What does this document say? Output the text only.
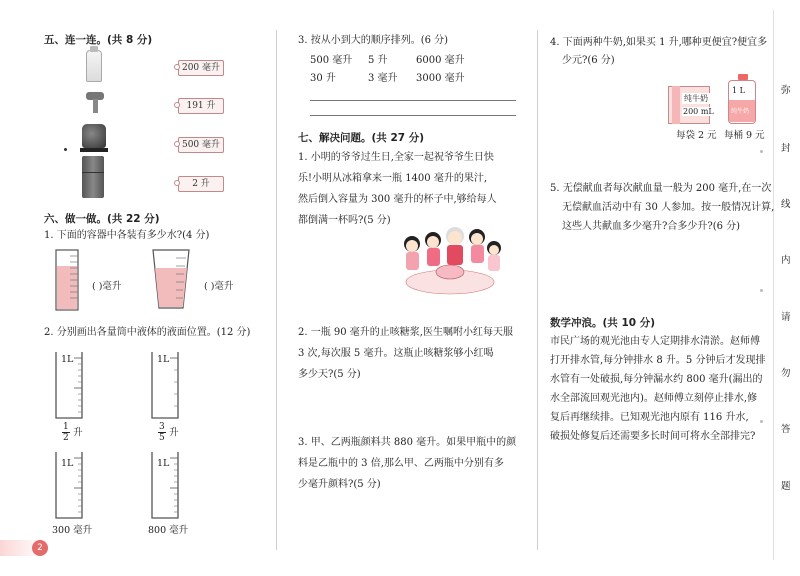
五、连一连。(共 8 分)
200 毫升
191 升
500 毫升
2 升
六、做一做。(共 22 分)
1. 下面的容器中各装有多少水?(4 分)
( )毫升	( )毫升
2. 分别画出各量筒中液体的液面位置。(12 分)
1L
$\frac{1}{2}$ 升
1L
$\frac{3}{5}$ 升
1L
300 毫升
1L
800 毫升
2
3. 按从小到大的顺序排列。(6 分)
500 毫升 5 升	6000 毫升
30 升	3 毫升 3000 毫升
七、解决问题。(共 27 分)
1. 小明的爷爷过生日,全家一起祝爷爷生日快
乐!小明从冰箱拿来一瓶 1400 毫升的果汁,
然后倒入容量为 300 毫升的杯子中,够给每人
都倒满一杯吗?(5 分)
2. 一瓶 90 毫升的止咳糖浆,医生嘱咐小红每天服
3 次,每次服 5 毫升。这瓶止咳糖浆够小红喝
多少天?(5 分)
3. 甲、乙两瓶颜料共 880 毫升。如果甲瓶中的颜
料是乙瓶中的 3 倍,那么甲、乙两瓶中分别有多
少毫升颜料?(5 分)
4. 下面两种牛奶,如果买 1 升,哪种更便宜?便宜多
少元?(6 分)
纯牛奶
200 mL
1 L
纯牛奶
每袋 2 元 每桶 9 元
5. 无偿献血者每次献血量一般为 200 毫升,在一次
无偿献血活动中有 30 人参加。按一般情况计算,
这些人共献血多少毫升?合多少升?(6 分)
数学冲浪。(共 10 分)
市民广场的观光池由专人定期排水清淤。赵师傅
打开排水管,每分钟排水 8 升。5 分钟后才发现排
水管有一处破损,每分钟漏水约 800 毫升(漏出的
水全部流回观光池内)。赵师傅立刻停止排水,修
复后再继续排。已知观光池内原有 116 升水,
破损处修复后还需要多长时间可将水全部排完?
弥
封
线
内
请
勿
答
题
